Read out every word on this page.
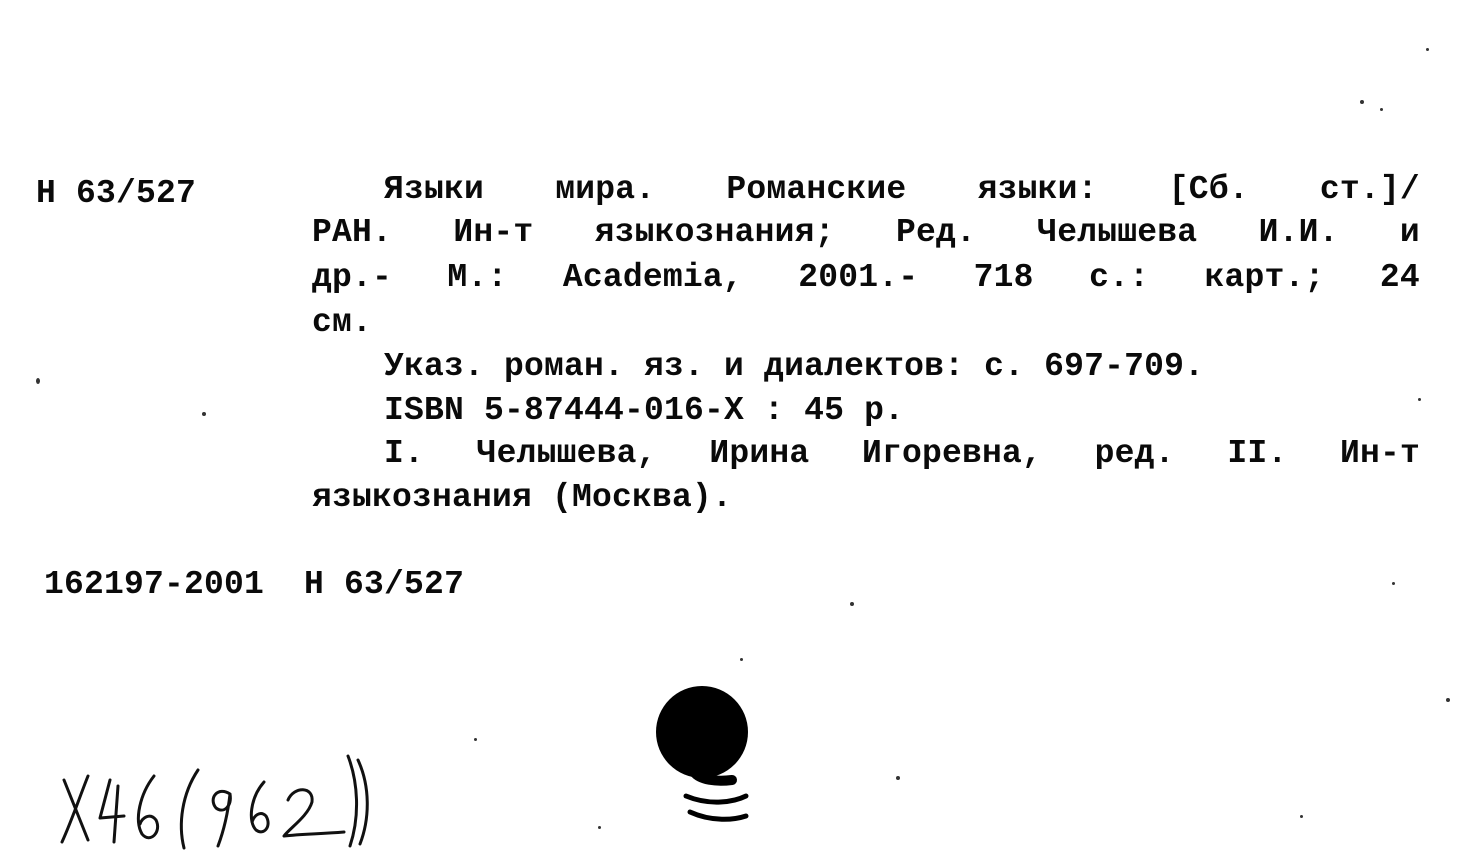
Н 63/527	Языки мира. Романские языки: [Сб. ст.]/
РАН. Ин-т языкознания; Ред. Челышева И.И. и
др.- М.: Academia, 2001.- 718 с.: карт.; 24
см.
Указ. роман. яз. и диалектов: с. 697-709.
ISBN 5-87444-016-X : 45 р.
I. Челышева, Ирина Игоревна, ред. II. Ин-т
языкознания (Москва).
162197-2001  Н 63/527
